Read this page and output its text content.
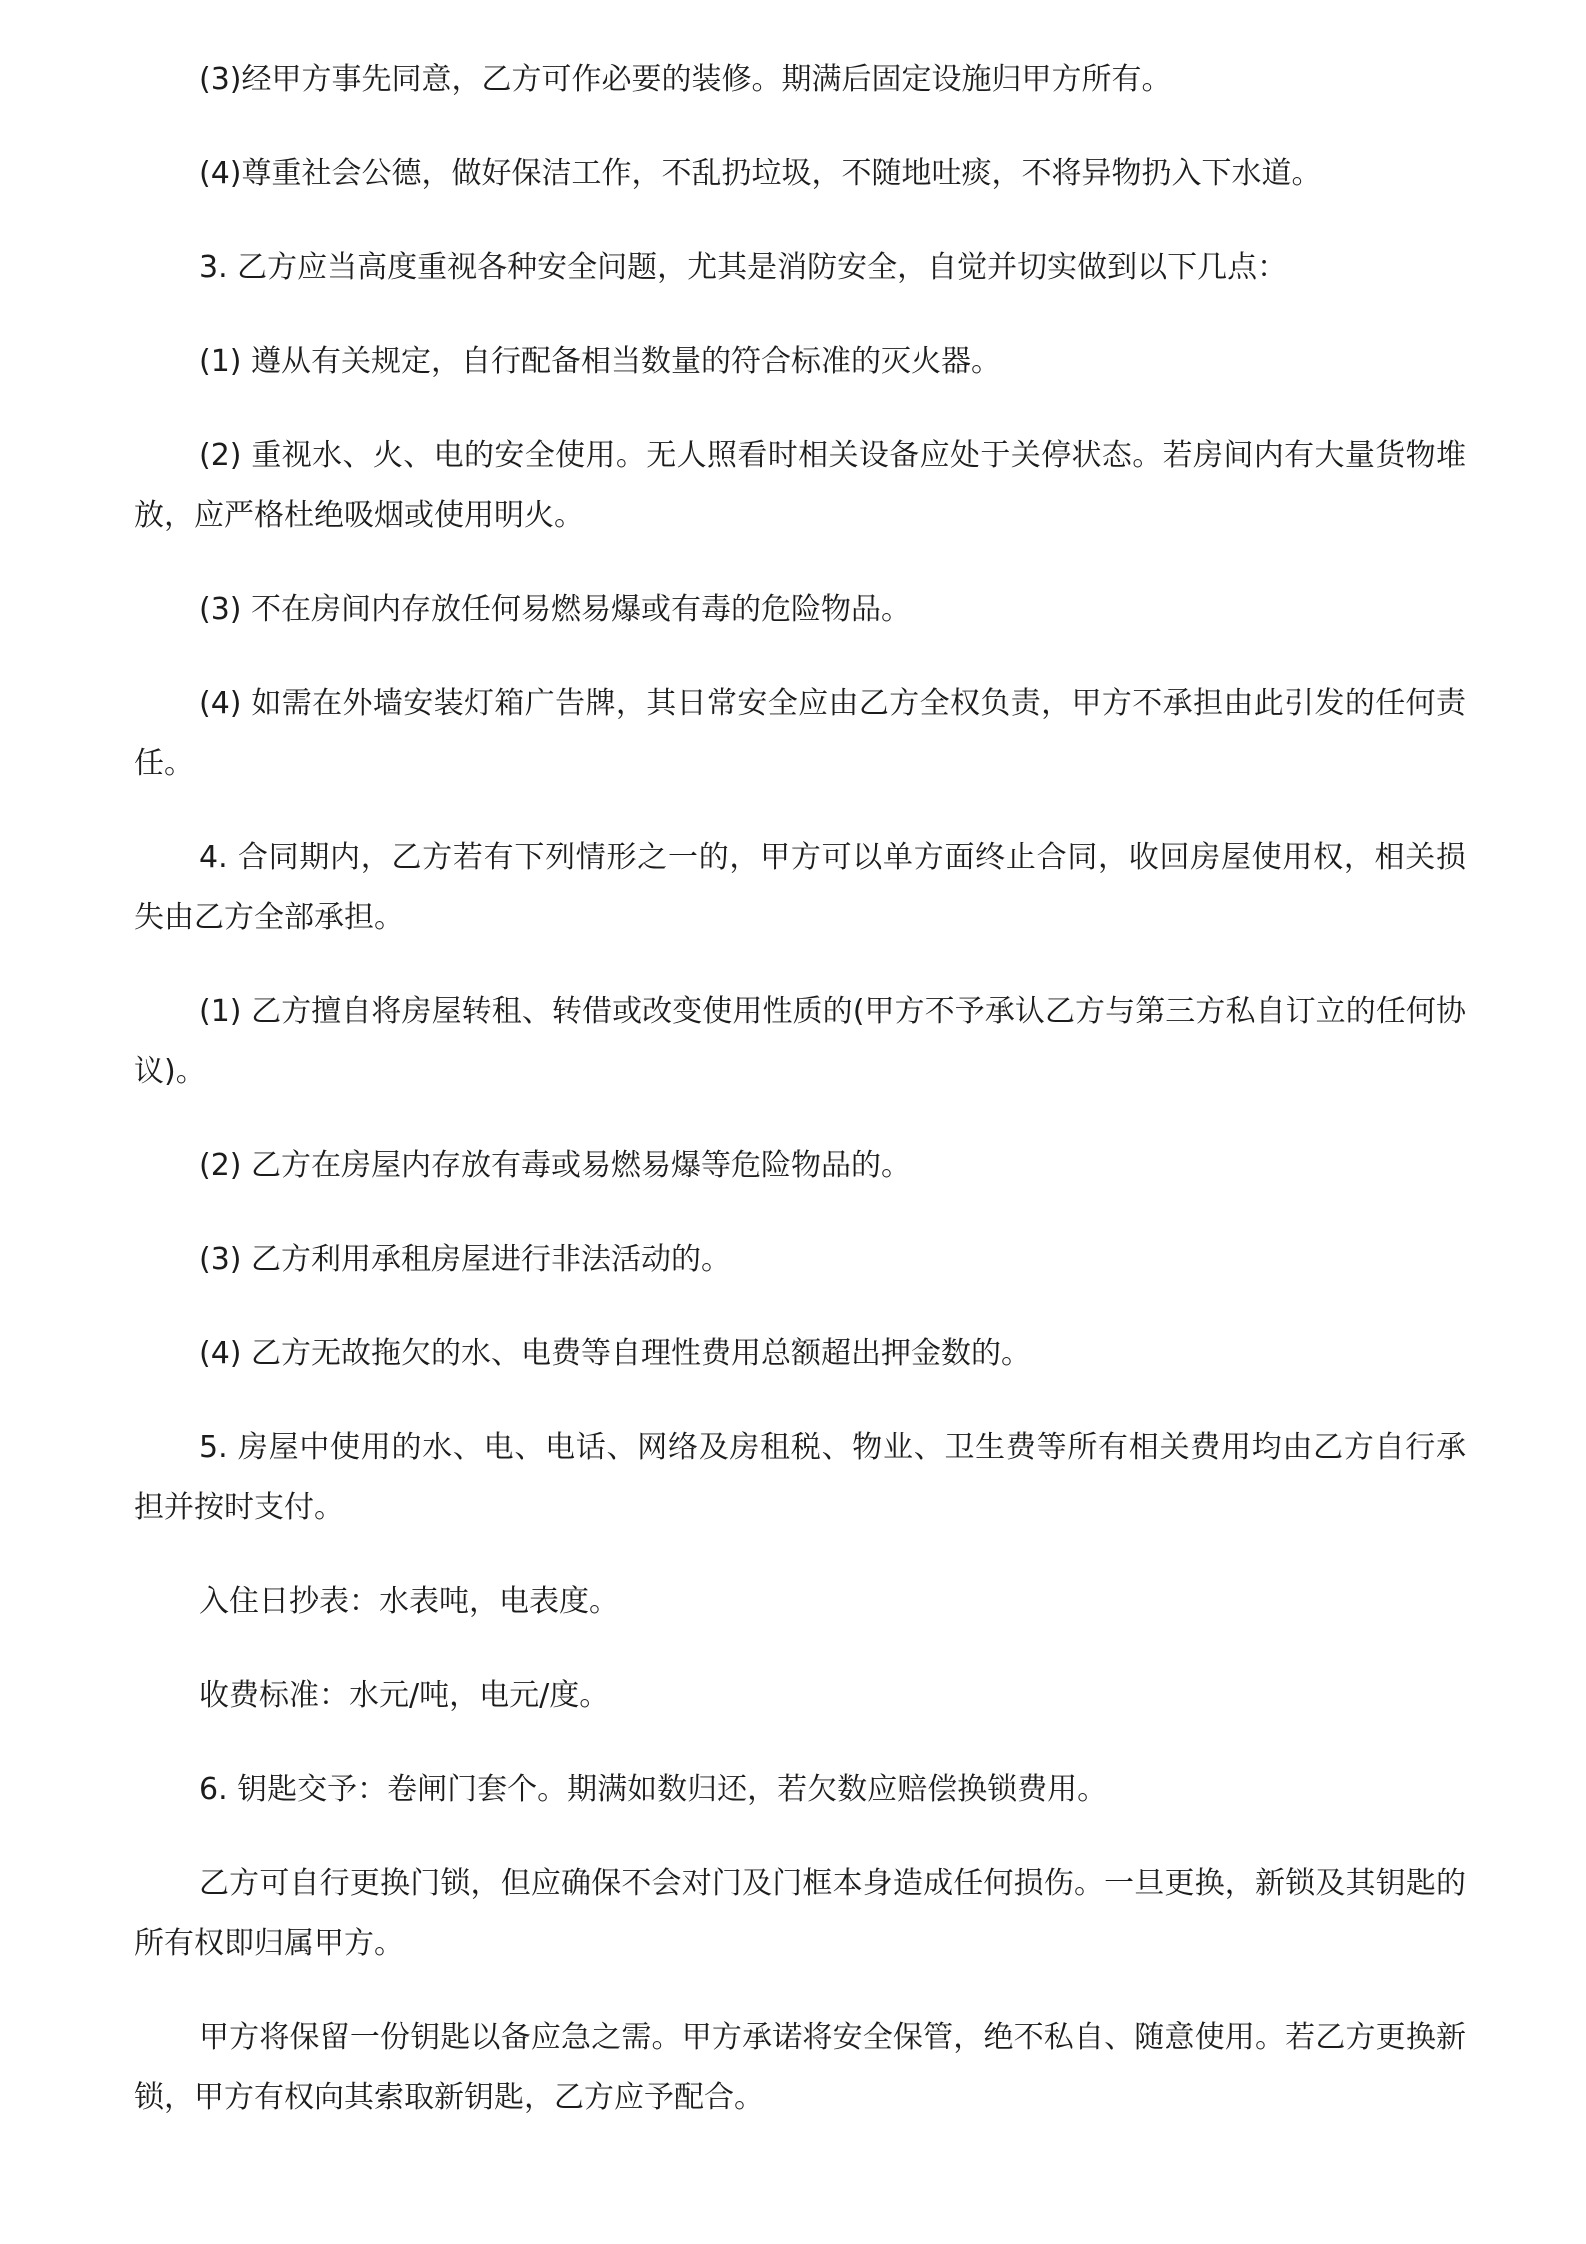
(3)经甲方事先同意，乙方可作必要的装修。期满后固定设施归甲方所有。

(4)尊重社会公德，做好保洁工作，不乱扔垃圾，不随地吐痰，不将异物扔入下水道。

3. 乙方应当高度重视各种安全问题，尤其是消防安全，自觉并切实做到以下几点：

(1) 遵从有关规定，自行配备相当数量的符合标准的灭火器。

(2) 重视水、火、电的安全使用。无人照看时相关设备应处于关停状态。若房间内有大量货物堆放，应严格杜绝吸烟或使用明火。

(3) 不在房间内存放任何易燃易爆或有毒的危险物品。

(4) 如需在外墙安装灯箱广告牌，其日常安全应由乙方全权负责，甲方不承担由此引发的任何责任。

4. 合同期内，乙方若有下列情形之一的，甲方可以单方面终止合同，收回房屋使用权，相关损失由乙方全部承担。

(1) 乙方擅自将房屋转租、转借或改变使用性质的(甲方不予承认乙方与第三方私自订立的任何协议)。

(2) 乙方在房屋内存放有毒或易燃易爆等危险物品的。

(3) 乙方利用承租房屋进行非法活动的。

(4) 乙方无故拖欠的水、电费等自理性费用总额超出押金数的。

5. 房屋中使用的水、电、电话、网络及房租税、物业、卫生费等所有相关费用均由乙方自行承担并按时支付。

入住日抄表：水表吨，电表度。

收费标准：水元/吨，电元/度。

6. 钥匙交予：卷闸门套个。期满如数归还，若欠数应赔偿换锁费用。

乙方可自行更换门锁，但应确保不会对门及门框本身造成任何损伤。一旦更换，新锁及其钥匙的所有权即归属甲方。

甲方将保留一份钥匙以备应急之需。甲方承诺将安全保管，绝不私自、随意使用。若乙方更换新锁，甲方有权向其索取新钥匙，乙方应予配合。
